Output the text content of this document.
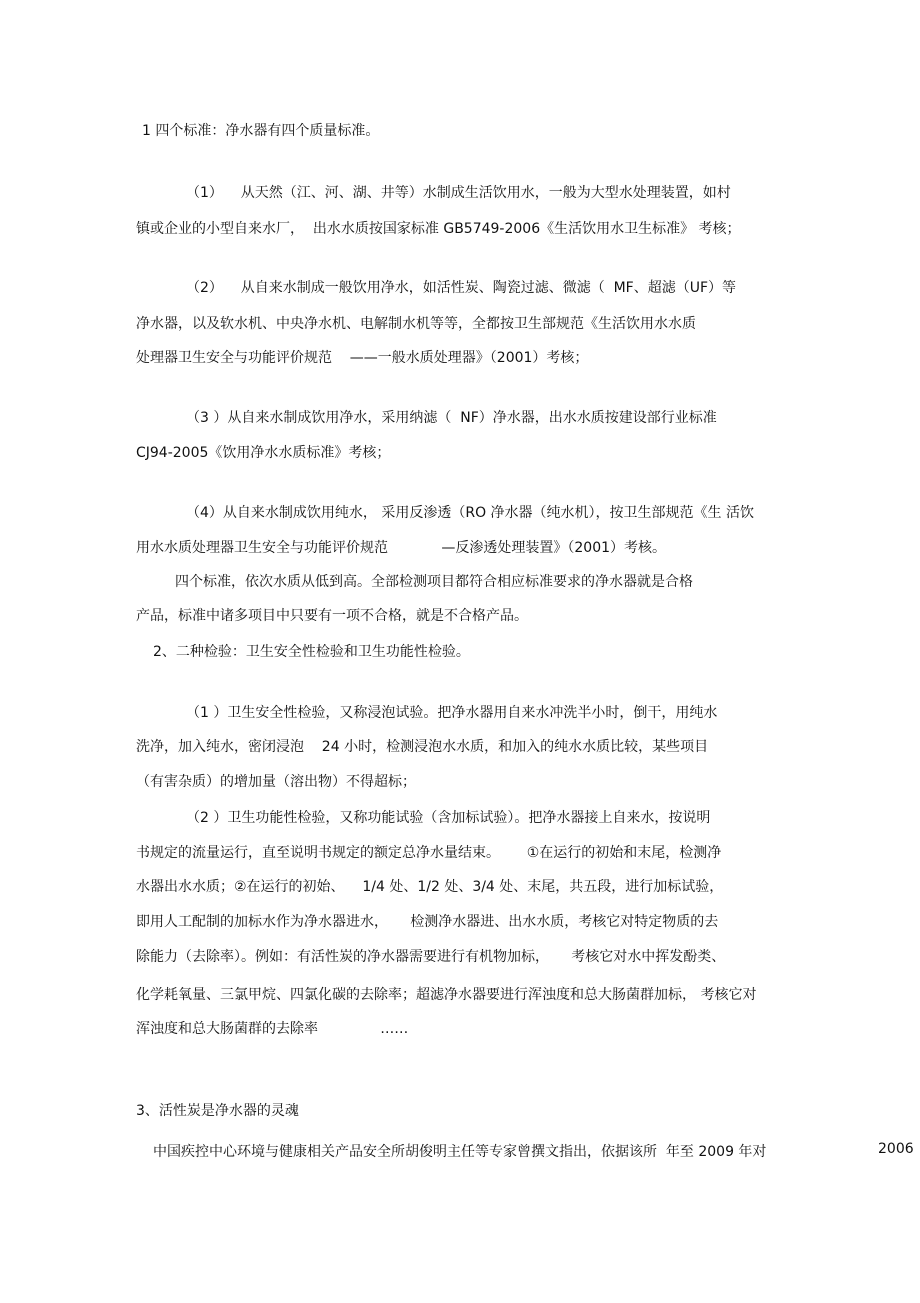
1 四个标准：净水器有四个质量标准。
（1）    从天然（江、河、湖、井等）水制成生活饮用水，一般为大型水处理装置，如村
镇或企业的小型自来水厂，  出水水质按国家标准 GB5749-2006《生活饮用水卫生标准》 考核；
（2）    从自来水制成一般饮用净水，如活性炭、陶瓷过滤、微滤（  MF、超滤（UF）等
净水器，以及软水机、中央净水机、电解制水机等等，全都按卫生部规范《生活饮用水水质
处理器卫生安全与功能评价规范    ——一般水质处理器》（2001）考核；
（3 ）从自来水制成饮用净水，采用纳滤（  NF）净水器，出水水质按建设部行业标准
CJ94-2005《饮用净水水质标准》考核；
（4）从自来水制成饮用纯水， 采用反渗透（RO 净水器（纯水机），按卫生部规范《生 活饮
用水水质处理器卫生安全与功能评价规范            —反渗透处理装置》（2001）考核。
四个标准，依次水质从低到高。全部检测项目都符合相应标准要求的净水器就是合格
产品，标准中诸多项目中只要有一项不合格，就是不合格产品。
2、二种检验：卫生安全性检验和卫生功能性检验。
（1 ）卫生安全性检验，又称浸泡试验。把净水器用自来水冲洗半小时，倒干，用纯水
洗净，加入纯水，密闭浸泡    24 小时，检测浸泡水水质，和加入的纯水水质比较，某些项目
（有害杂质）的增加量（溶出物）不得超标；
（2 ）卫生功能性检验，又称功能试验（含加标试验）。把净水器接上自来水，按说明
书规定的流量运行，直至说明书规定的额定总净水量结束。      ①在运行的初始和末尾，检测净
水器出水水质；②在运行的初始、    1/4 处、1/2 处、3/4 处、末尾，共五段，进行加标试验，
即用人工配制的加标水作为净水器进水，     检测净水器进、出水水质，考核它对特定物质的去
除能力（去除率）。例如：有活性炭的净水器需要进行有机物加标，     考核它对水中挥发酚类、
化学耗氧量、三氯甲烷、四氯化碳的去除率；超滤净水器要进行浑浊度和总大肠菌群加标， 考核它对
浑浊度和总大肠菌群的去除率              ……
3、活性炭是净水器的灵魂
中国疾控中心环境与健康相关产品安全所胡俊明主任等专家曾撰文指出，依据该所  年至 2009 年对	2006
